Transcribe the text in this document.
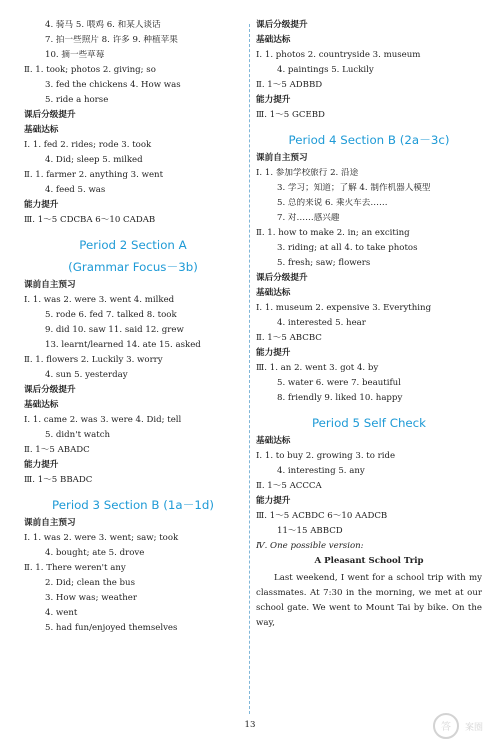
4. 骑马 5. 喂鸡 6. 和某人谈话
7. 拍一些照片 8. 许多 9. 种植苹果
10. 摘一些草莓
Ⅱ. 1. took; photos 2. giving; so
3. fed the chickens 4. How was
5. ride a horse
课后分级提升
基础达标
Ⅰ. 1. fed 2. rides; rode 3. took
4. Did; sleep 5. milked
Ⅱ. 1. farmer 2. anything 3. went
4. feed 5. was
能力提升
Ⅲ. 1～5 CDCBA 6～10 CADAB
Period 2 Section A
(Grammar Focus－3b)
课前自主预习
Ⅰ. 1. was 2. were 3. went 4. milked
5. rode 6. fed 7. talked 8. took
9. did 10. saw 11. said 12. grew
13. learnt/learned 14. ate 15. asked
Ⅱ. 1. flowers 2. Luckily 3. worry
4. sun 5. yesterday
课后分级提升
基础达标
Ⅰ. 1. came 2. was 3. were 4. Did; tell
5. didn't watch
Ⅱ. 1～5 ABADC
能力提升
Ⅲ. 1～5 BBADC
Period 3 Section B (1a－1d)
课前自主预习
Ⅰ. 1. was 2. were 3. went; saw; took
4. bought; ate 5. drove
Ⅱ. 1. There weren't any
2. Did; clean the bus
3. How was; weather
4. went
5. had fun/enjoyed themselves
课后分级提升
基础达标
Ⅰ. 1. photos 2. countryside 3. museum
4. paintings 5. Luckily
Ⅱ. 1～5 ADBBD
能力提升
Ⅲ. 1～5 GCEBD
Period 4 Section B (2a－3c)
课前自主预习
Ⅰ. 1. 参加学校旅行 2. 沿途
3. 学习；知道；了解 4. 制作机器人模型
5. 总的来说 6. 乘火车去……
7. 对……感兴趣
Ⅱ. 1. how to make 2. in; an exciting
3. riding; at all 4. to take photos
5. fresh; saw; flowers
课后分级提升
基础达标
Ⅰ. 1. museum 2. expensive 3. Everything
4. interested 5. hear
Ⅱ. 1～5 ABCBC
能力提升
Ⅲ. 1. an 2. went 3. got 4. by
5. water 6. were 7. beautiful
8. friendly 9. liked 10. happy
Period 5 Self Check
基础达标
Ⅰ. 1. to buy 2. growing 3. to ride
4. interesting 5. any
Ⅱ. 1～5 ACCCA
能力提升
Ⅲ. 1～5 ACBDC 6～10 AADCB
11～15 ABBCD
Ⅳ. One possible version:
A Pleasant School Trip
Last weekend, I went for a school trip with my classmates. At 7:30 in the morning, we met at our school gate. We went to Mount Tai by bike. On the way,
13	答 案圈
